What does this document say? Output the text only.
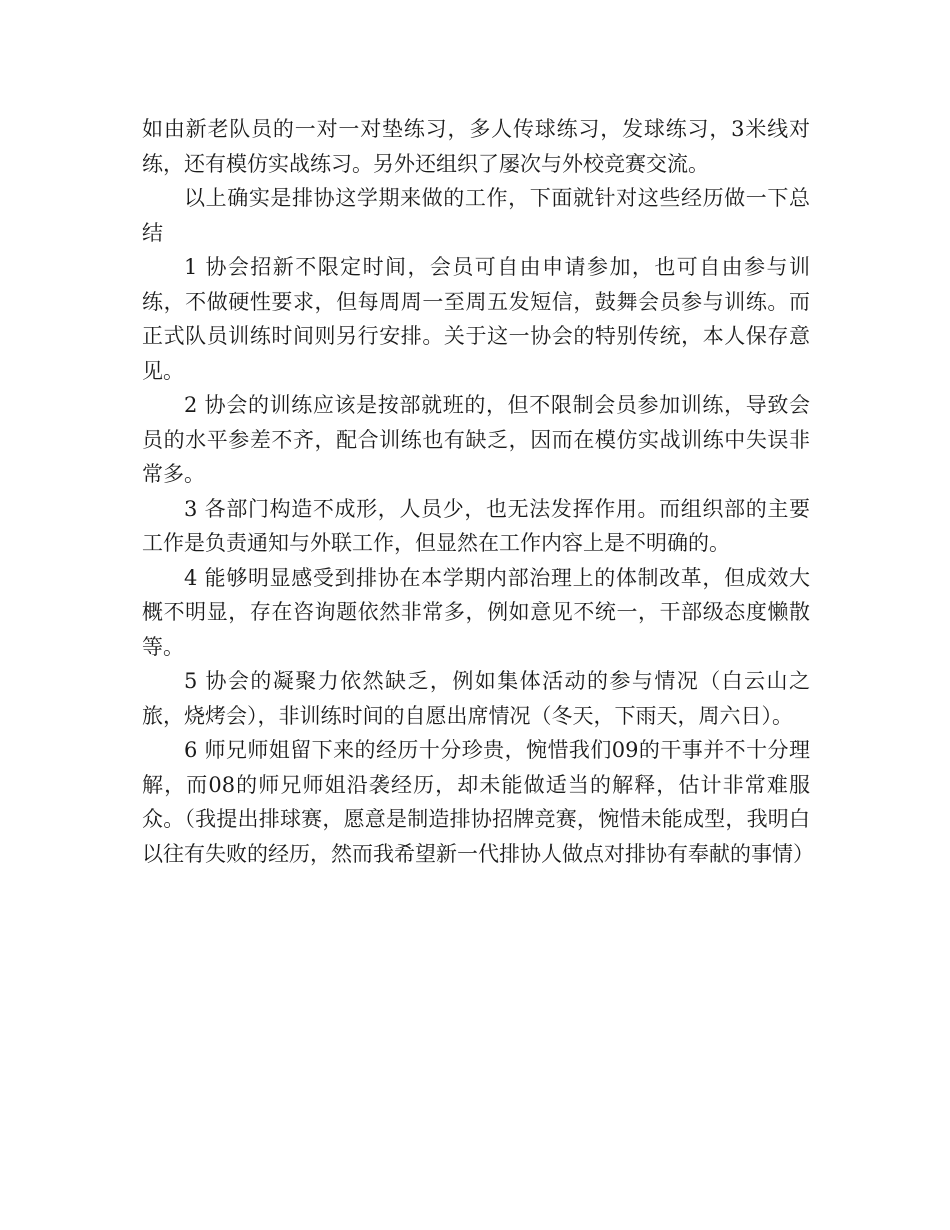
如由新老队员的一对一对垫练习，多人传球练习，发球练习，3米线对练，还有模仿实战练习。另外还组织了屡次与外校竞赛交流。

以上确实是排协这学期来做的工作，下面就针对这些经历做一下总结

1 协会招新不限定时间，会员可自由申请参加，也可自由参与训练，不做硬性要求，但每周周一至周五发短信，鼓舞会员参与训练。而正式队员训练时间则另行安排。关于这一协会的特别传统，本人保存意见。

2 协会的训练应该是按部就班的，但不限制会员参加训练，导致会员的水平参差不齐，配合训练也有缺乏，因而在模仿实战训练中失误非常多。

3 各部门构造不成形，人员少，也无法发挥作用。而组织部的主要工作是负责通知与外联工作，但显然在工作内容上是不明确的。

4 能够明显感受到排协在本学期内部治理上的体制改革，但成效大概不明显，存在咨询题依然非常多，例如意见不统一，干部级态度懒散等。

5 协会的凝聚力依然缺乏，例如集体活动的参与情况（白云山之旅，烧烤会），非训练时间的自愿出席情况（冬天，下雨天，周六日）。

6 师兄师姐留下来的经历十分珍贵，惋惜我们09的干事并不十分理解，而08的师兄师姐沿袭经历，却未能做适当的解释，估计非常难服众。（我提出排球赛，愿意是制造排协招牌竞赛，惋惜未能成型，我明白以往有失败的经历，然而我希望新一代排协人做点对排协有奉献的事情）
